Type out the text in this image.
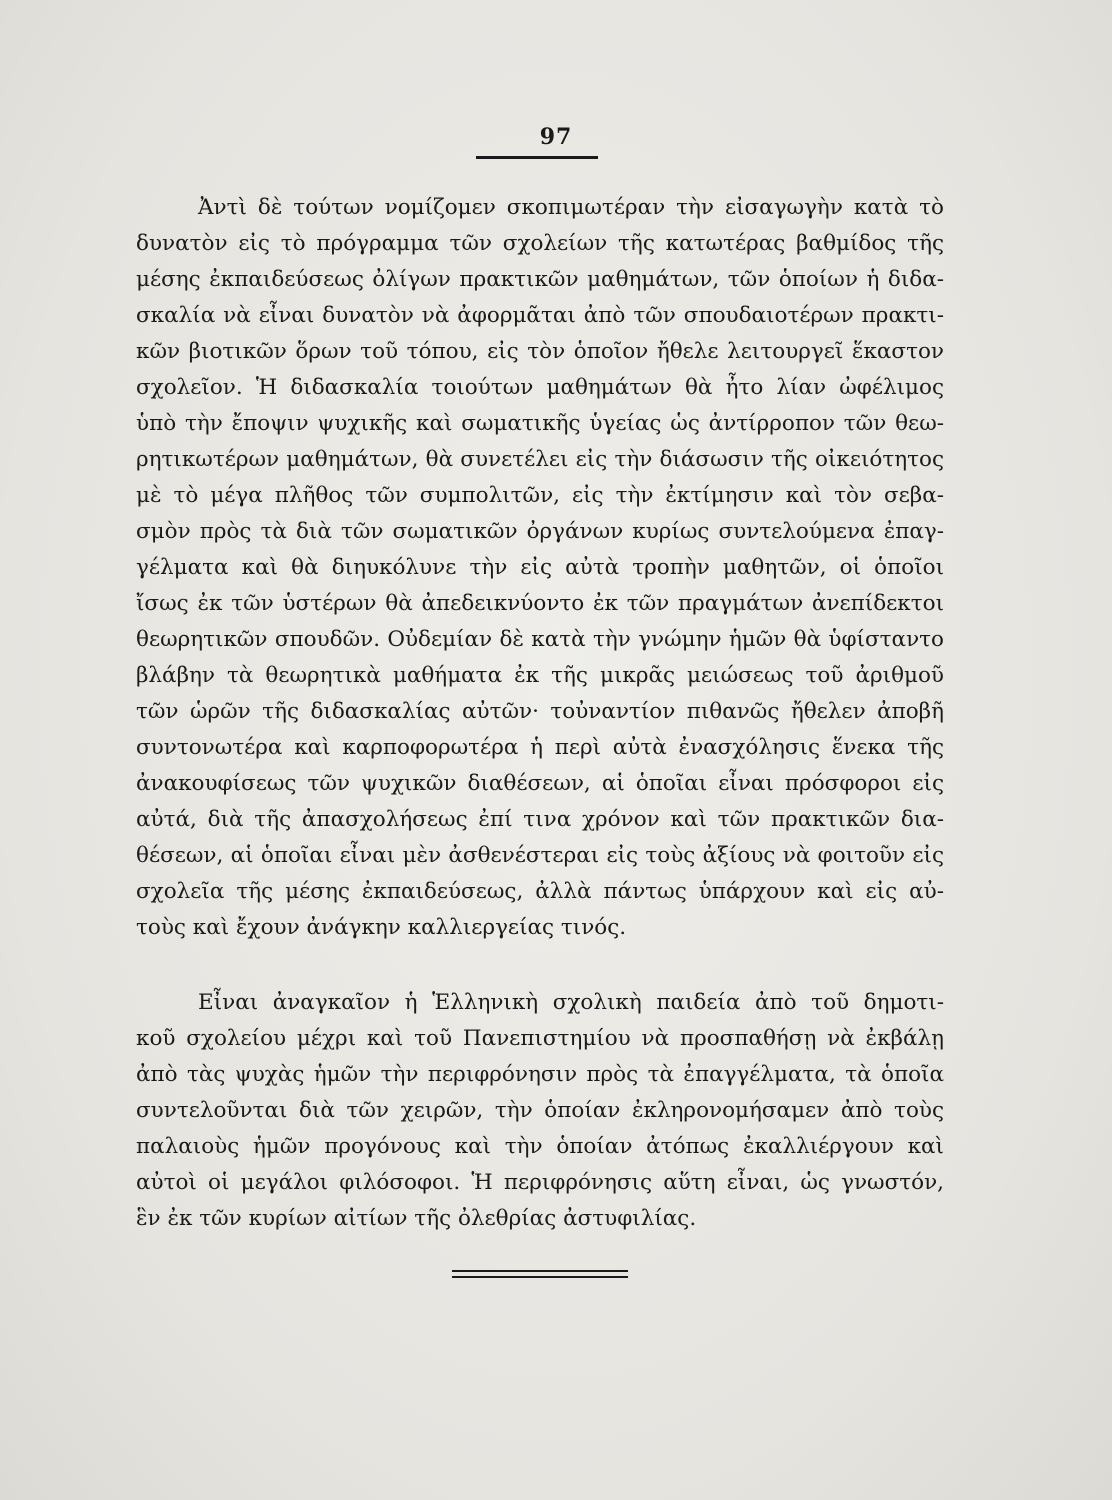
97
Ἀντὶ δὲ τούτων νομίζομεν σκοπιμωτέραν τὴν εἰσαγωγὴν κατὰ τὸ
δυνατὸν εἰς τὸ πρόγραμμα τῶν σχολείων τῆς κατωτέρας βαθμίδος τῆς
μέσης ἐκπαιδεύσεως ὀλίγων πρακτικῶν μαθημάτων, τῶν ὁποίων ἡ διδα-
σκαλία νὰ εἶναι δυνατὸν νὰ ἀφορμᾶται ἀπὸ τῶν σπουδαιοτέρων πρακτι-
κῶν βιοτικῶν ὅρων τοῦ τόπου, εἰς τὸν ὁποῖον ἤθελε λειτουργεῖ ἕκαστον
σχολεῖον. Ἡ διδασκαλία τοιούτων μαθημάτων θὰ ἦτο λίαν ὠφέλιμος
ὑπὸ τὴν ἔποψιν ψυχικῆς καὶ σωματικῆς ὑγείας ὡς ἀντίρροπον τῶν θεω-
ρητικωτέρων μαθημάτων, θὰ συνετέλει εἰς τὴν διάσωσιν τῆς οἰκειότητος
μὲ τὸ μέγα πλῆθος τῶν συμπολιτῶν, εἰς τὴν ἐκτίμησιν καὶ τὸν σεβα-
σμὸν πρὸς τὰ διὰ τῶν σωματικῶν ὀργάνων κυρίως συντελούμενα ἐπαγ-
γέλματα καὶ θὰ διηυκόλυνε τὴν εἰς αὐτὰ τροπὴν μαθητῶν, οἱ ὁποῖοι
ἴσως ἐκ τῶν ὑστέρων θὰ ἀπεδεικνύοντο ἐκ τῶν πραγμάτων ἀνεπίδεκτοι
θεωρητικῶν σπουδῶν. Οὐδεμίαν δὲ κατὰ τὴν γνώμην ἡμῶν θὰ ὑφίσταντο
βλάβην τὰ θεωρητικὰ μαθήματα ἐκ τῆς μικρᾶς μειώσεως τοῦ ἀριθμοῦ
τῶν ὡρῶν τῆς διδασκαλίας αὐτῶν· τοὐναντίον πιθανῶς ἤθελεν ἀποβῆ
συντονωτέρα καὶ καρποφορωτέρα ἡ περὶ αὐτὰ ἐνασχόλησις ἕνεκα τῆς
ἀνακουφίσεως τῶν ψυχικῶν διαθέσεων, αἱ ὁποῖαι εἶναι πρόσφοροι εἰς
αὐτά, διὰ τῆς ἀπασχολήσεως ἐπί τινα χρόνον καὶ τῶν πρακτικῶν δια-
θέσεων, αἱ ὁποῖαι εἶναι μὲν ἀσθενέστεραι εἰς τοὺς ἀξίους νὰ φοιτοῦν εἰς
σχολεῖα τῆς μέσης ἐκπαιδεύσεως, ἀλλὰ πάντως ὑπάρχουν καὶ εἰς αὐ-
τοὺς καὶ ἔχουν ἀνάγκην καλλιεργείας τινός.
Εἶναι ἀναγκαῖον ἡ Ἑλληνικὴ σχολικὴ παιδεία ἀπὸ τοῦ δημοτι-
κοῦ σχολείου μέχρι καὶ τοῦ Πανεπιστημίου νὰ προσπαθήσῃ νὰ ἐκβάλῃ
ἀπὸ τὰς ψυχὰς ἡμῶν τὴν περιφρόνησιν πρὸς τὰ ἐπαγγέλματα, τὰ ὁποῖα
συντελοῦνται διὰ τῶν χειρῶν, τὴν ὁποίαν ἐκληρονομήσαμεν ἀπὸ τοὺς
παλαιοὺς ἡμῶν προγόνους καὶ τὴν ὁποίαν ἀτόπως ἐκαλλιέργουν καὶ
αὐτοὶ οἱ μεγάλοι φιλόσοφοι. Ἡ περιφρόνησις αὕτη εἶναι, ὡς γνωστόν,
ἓν ἐκ τῶν κυρίων αἰτίων τῆς ὀλεθρίας ἀστυφιλίας.
